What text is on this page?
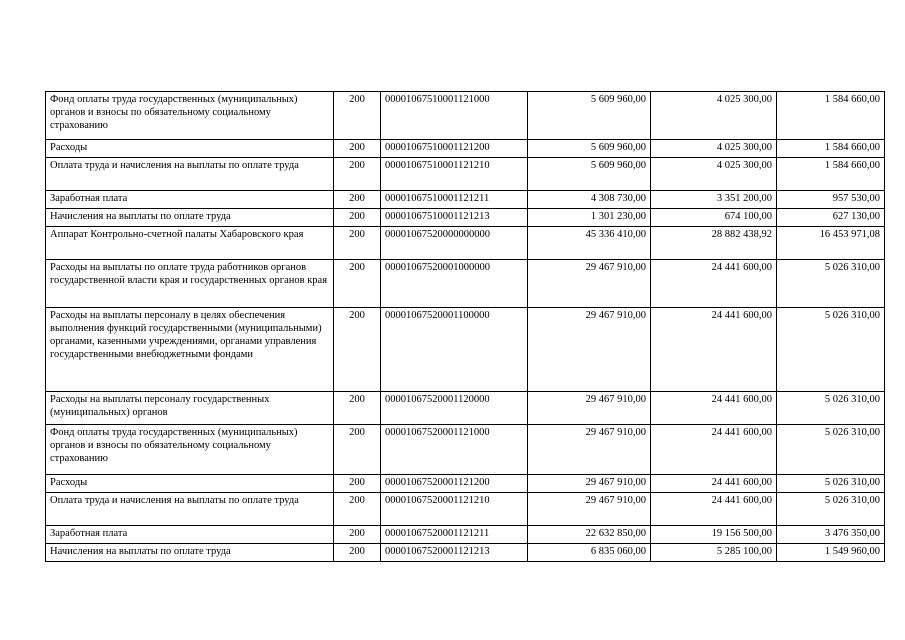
Фонд оплаты труда государственных (муниципальных) органов и взносы по обязательному социальному страхованию	200	00001067510001121000	5 609 960,00	4 025 300,00	1 584 660,00
Расходы	200	00001067510001121200	5 609 960,00	4 025 300,00	1 584 660,00
Оплата труда и начисления на выплаты по оплате труда	200	00001067510001121210	5 609 960,00	4 025 300,00	1 584 660,00
Заработная плата	200	00001067510001121211	4 308 730,00	3 351 200,00	957 530,00
Начисления на выплаты по оплате труда	200	00001067510001121213	1 301 230,00	674 100,00	627 130,00
Аппарат Контрольно-счетной палаты Хабаровского края	200	00001067520000000000	45 336 410,00	28 882 438,92	16 453 971,08
Расходы на выплаты по оплате труда работников органов государственной власти края и государственных органов края	200	00001067520001000000	29 467 910,00	24 441 600,00	5 026 310,00
Расходы на выплаты персоналу в целях обеспечения выполнения функций государственными (муниципальными) органами, казенными учреждениями, органами управления государственными внебюджетными фондами	200	00001067520001100000	29 467 910,00	24 441 600,00	5 026 310,00
Расходы на выплаты персоналу государственных (муниципальных) органов	200	00001067520001120000	29 467 910,00	24 441 600,00	5 026 310,00
Фонд оплаты труда государственных (муниципальных) органов и взносы по обязательному социальному страхованию	200	00001067520001121000	29 467 910,00	24 441 600,00	5 026 310,00
Расходы	200	00001067520001121200	29 467 910,00	24 441 600,00	5 026 310,00
Оплата труда и начисления на выплаты по оплате труда	200	00001067520001121210	29 467 910,00	24 441 600,00	5 026 310,00
Заработная плата	200	00001067520001121211	22 632 850,00	19 156 500,00	3 476 350,00
Начисления на выплаты по оплате труда	200	00001067520001121213	6 835 060,00	5 285 100,00	1 549 960,00
